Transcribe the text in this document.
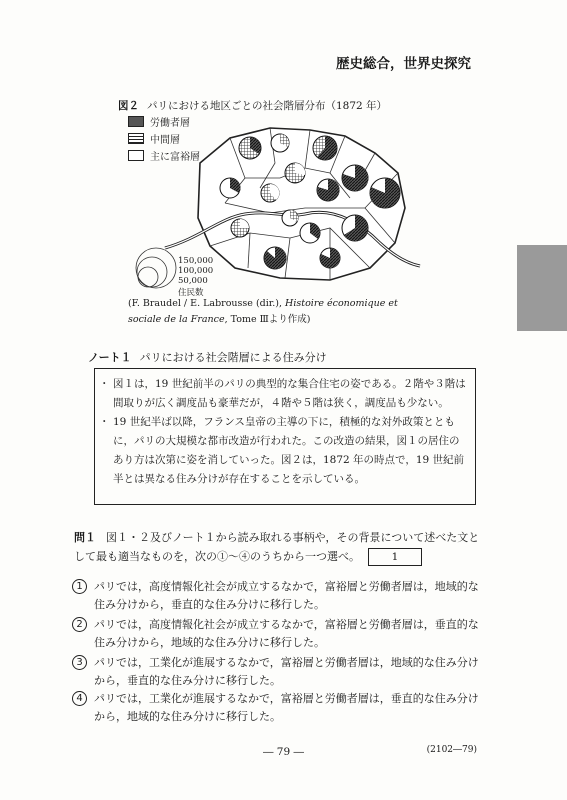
歴史総合，世界史探究
図２ パリにおける地区ごとの社会階層分布（1872 年）
労働者層
中間層
主に富裕層
150,000
100,000
50,000
住民数
(F. Braudel / E. Labrousse (dir.), Histoire économique et
sociale de la France, Tome Ⅲより作成)
ノート１ パリにおける社会階層による住み分け
・ 図１は，19 世紀前半のパリの典型的な集合住宅の姿である。２階や３階は間取りが広く調度品も豪華だが，４階や５階は狭く，調度品も少ない。
・ 19 世紀半ば以降，フランス皇帝の主導の下に，積極的な対外政策とともに，パリの大規模な都市改造が行われた。この改造の結果，図１の居住のあり方は次第に姿を消していった。図２は，1872 年の時点で，19 世紀前半とは異なる住み分けが存在することを示している。
問１ 図１・２及びノート１から読み取れる事柄や，その背景について述べた文として最も適当なものを，次の①～④のうちから一つ選べ。	1
1	パリでは，高度情報化社会が成立するなかで，富裕層と労働者層は，地域的な住み分けから，垂直的な住み分けに移行した。
2	パリでは，高度情報化社会が成立するなかで，富裕層と労働者層は，垂直的な住み分けから，地域的な住み分けに移行した。
3	パリでは，工業化が進展するなかで，富裕層と労働者層は，地域的な住み分けから，垂直的な住み分けに移行した。
4	パリでは，工業化が進展するなかで，富裕層と労働者層は，垂直的な住み分けから，地域的な住み分けに移行した。
― 79 ―	(2102―79)
